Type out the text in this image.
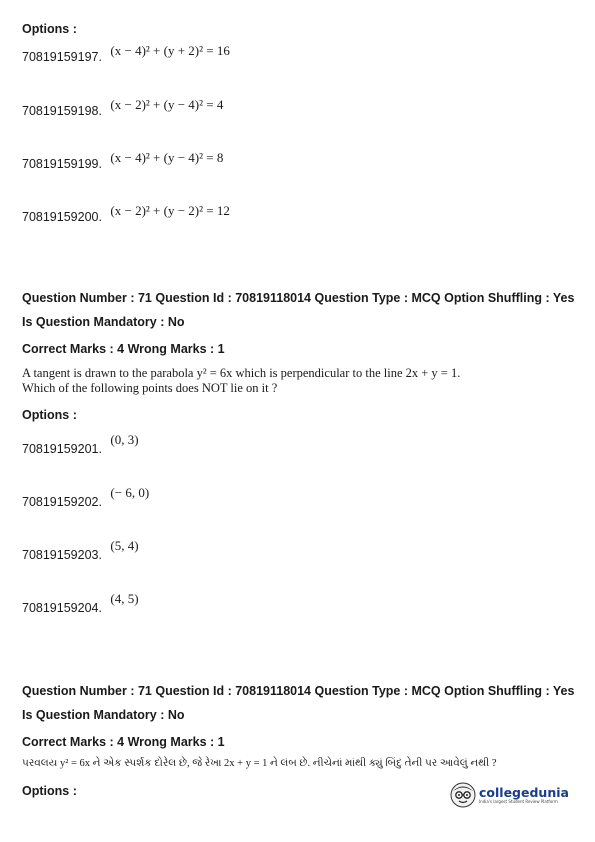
Options :
70819159197. $^{(x - 4)^2 + (y + 2)^2 = 16}$
70819159198. $^{(x - 2)^2 + (y - 4)^2 = 4}$
70819159199. $^{(x - 4)^2 + (y - 4)^2 = 8}$
70819159200. $^{(x - 2)^2 + (y - 2)^2 = 12}$
Question Number : 71 Question Id : 70819118014 Question Type : MCQ Option Shuffling : Yes
Is Question Mandatory : No
Correct Marks : 4 Wrong Marks : 1
A tangent is drawn to the parabola y² = 6x which is perpendicular to the line 2x + y = 1.
Which of the following points does NOT lie on it ?
Options :
70819159201. $^{(0, 3)}$
70819159202. $^{(- 6, 0)}$
70819159203. $^{(5, 4)}$
70819159204. $^{(4, 5)}$
Question Number : 71 Question Id : 70819118014 Question Type : MCQ Option Shuffling : Yes
Is Question Mandatory : No
Correct Marks : 4 Wrong Marks : 1
પરવલય y² = 6x ને એક સ્પર્શક દોરેલ છે, જે રેખા 2x + y = 1 ને લંબ છે. નીચેનાં માંથી ક્યું બિંદુ તેની પર આવેલું નથી ?
Options :	collegedunia
India's largest Student Review Platform
